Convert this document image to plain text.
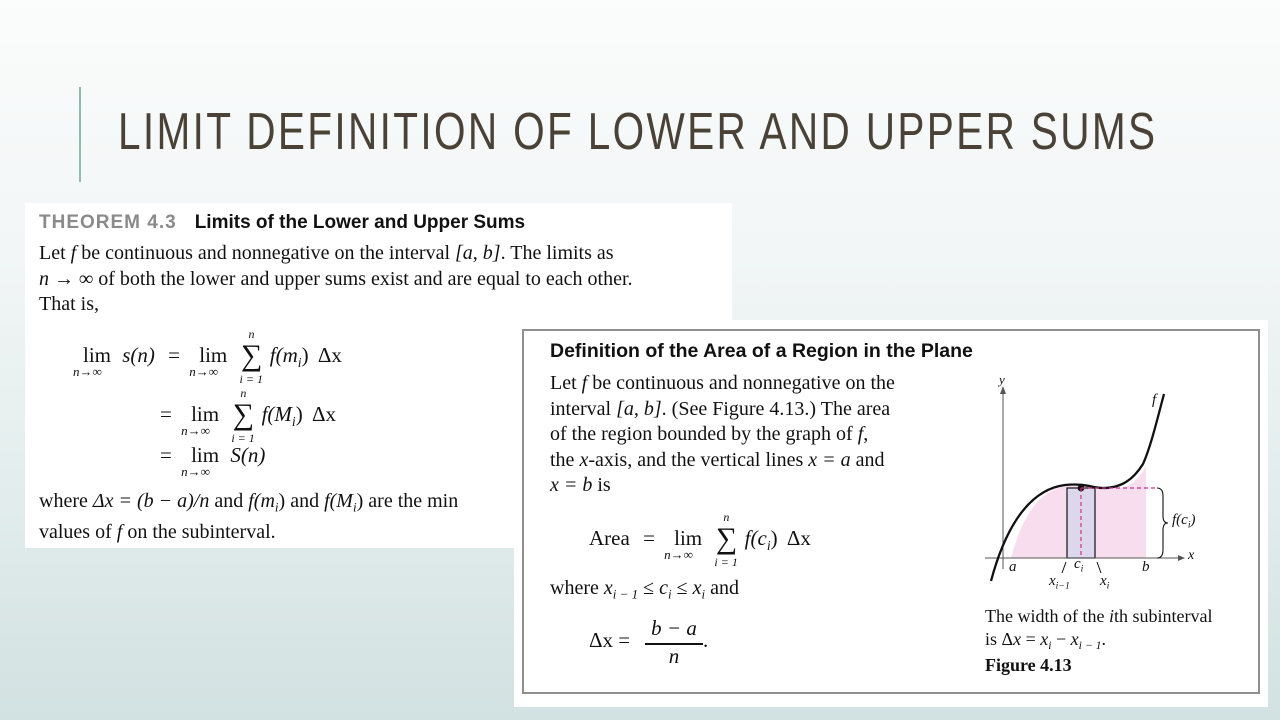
LIMIT DEFINITION OF LOWER AND UPPER SUMS

THEOREM 4.3 Limits of the Lower and Upper Sums

Let f be continuous and nonnegative on the interval [a, b]. The limits as
n → ∞ of both the lower and upper sums exist and are equal to each other.
That is,

lim
n→∞
s(n) = lim
n→∞ ∑
n
i = 1
$f(m_i)$ Δx
= lim
n→∞ ∑
n
i = 1
$f(M_i)$ Δx
= lim
n→∞
S(n)

where Δx = (b − a)/n and $f(m_i)$ and $f(M_i)$ are the min
values of f on the subinterval.

Definition of the Area of a Region in the Plane

Let f be continuous and nonnegative on the
interval [a, b]. (See Figure 4.13.) The area
of the region bounded by the graph of f,
the x-axis, and the vertical lines x = a and
x = b is

Area = lim
n→∞ ∑
n
i = 1
$f(c_i)$ Δx
where $x_{i - 1} \le c_i \le x_i$ and
Δx = b − a
n
.
y
x
f
$f(c_i)$
a	b
$c_i$
$x_{i-1}$ $x_i$

The width of the ith subinterval
is $\Delta x = x_i - x_{i - 1}$.

Figure 4.13
